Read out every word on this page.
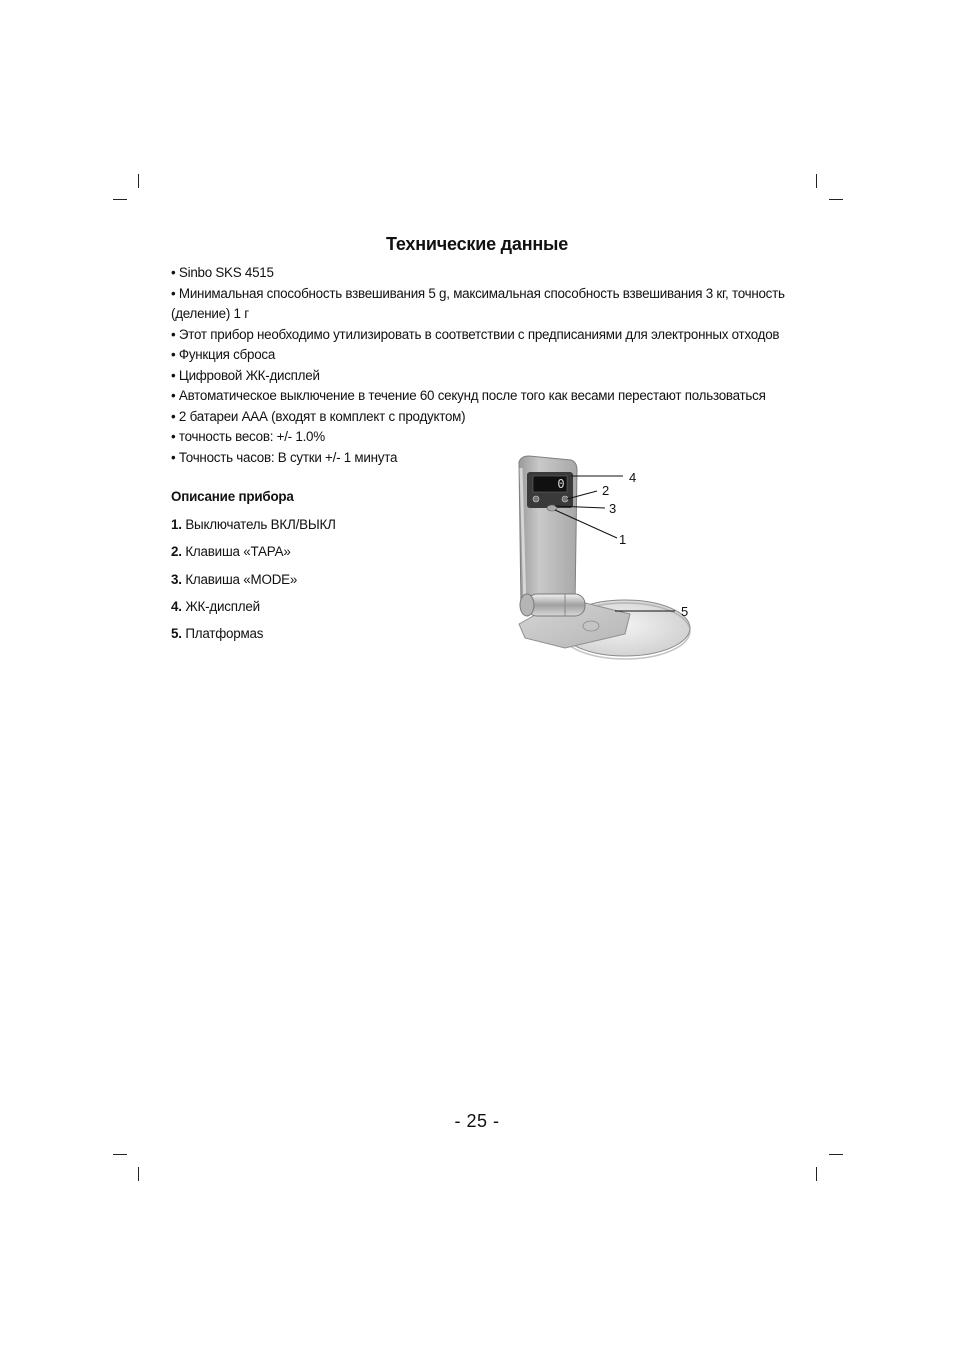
Технические данные
• Sinbo SKS 4515
• Минимальная способность взвешивания 5 g, максимальная способность взвешивания 3 кг, точность (деление) 1 г
• Этот прибор необходимо утилизировать в соответствии с предписаниями для электронных отходов
• Функция сброса
• Цифровой ЖК-дисплей
• Автоматическое выключение в течение 60 секунд после того как весами перестают пользоваться
• 2 батареи ААА (входят в комплект с продуктом)
• точность весов: +/- 1.0%
• Точность часов: В сутки +/- 1 минута
Описание прибора
1. Выключатель ВКЛ/ВЫКЛ
2. Клавиша «ТАРА»
3. Клавиша «MODE»
4. ЖК-дисплей
5. Платформаs
0	4
2
3
1
5
- 25 -
